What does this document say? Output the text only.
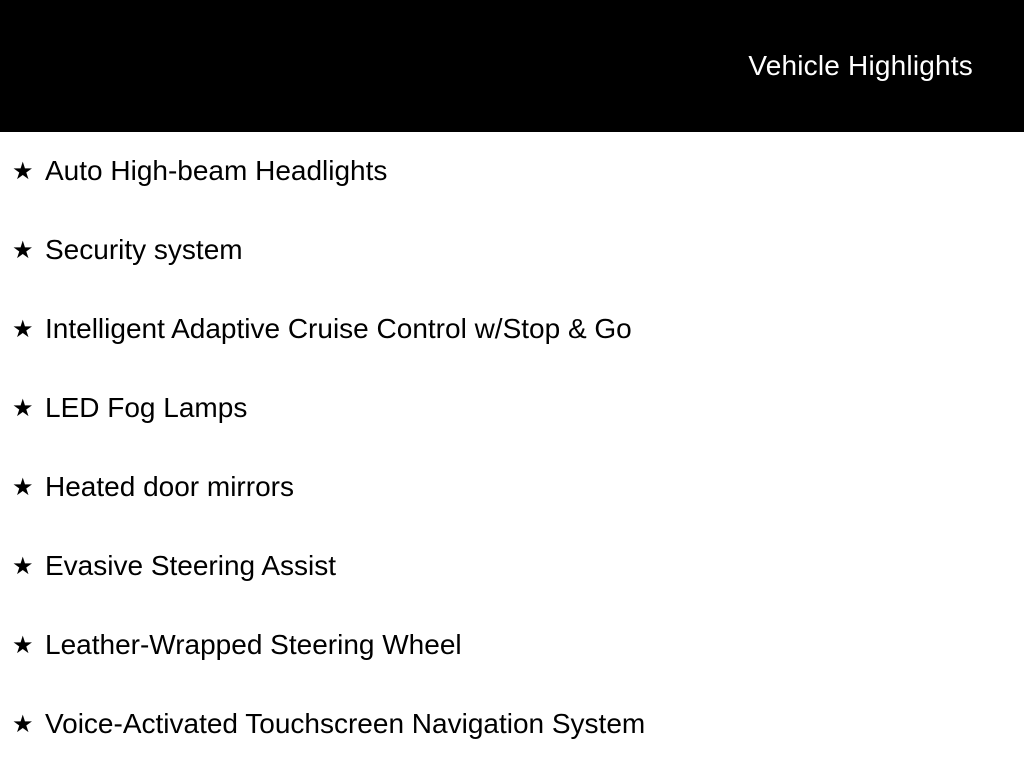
Vehicle Highlights
★ Auto High-beam Headlights
★ Security system
★ Intelligent Adaptive Cruise Control w/Stop & Go
★ LED Fog Lamps
★ Heated door mirrors
★ Evasive Steering Assist
★ Leather-Wrapped Steering Wheel
★ Voice-Activated Touchscreen Navigation System
